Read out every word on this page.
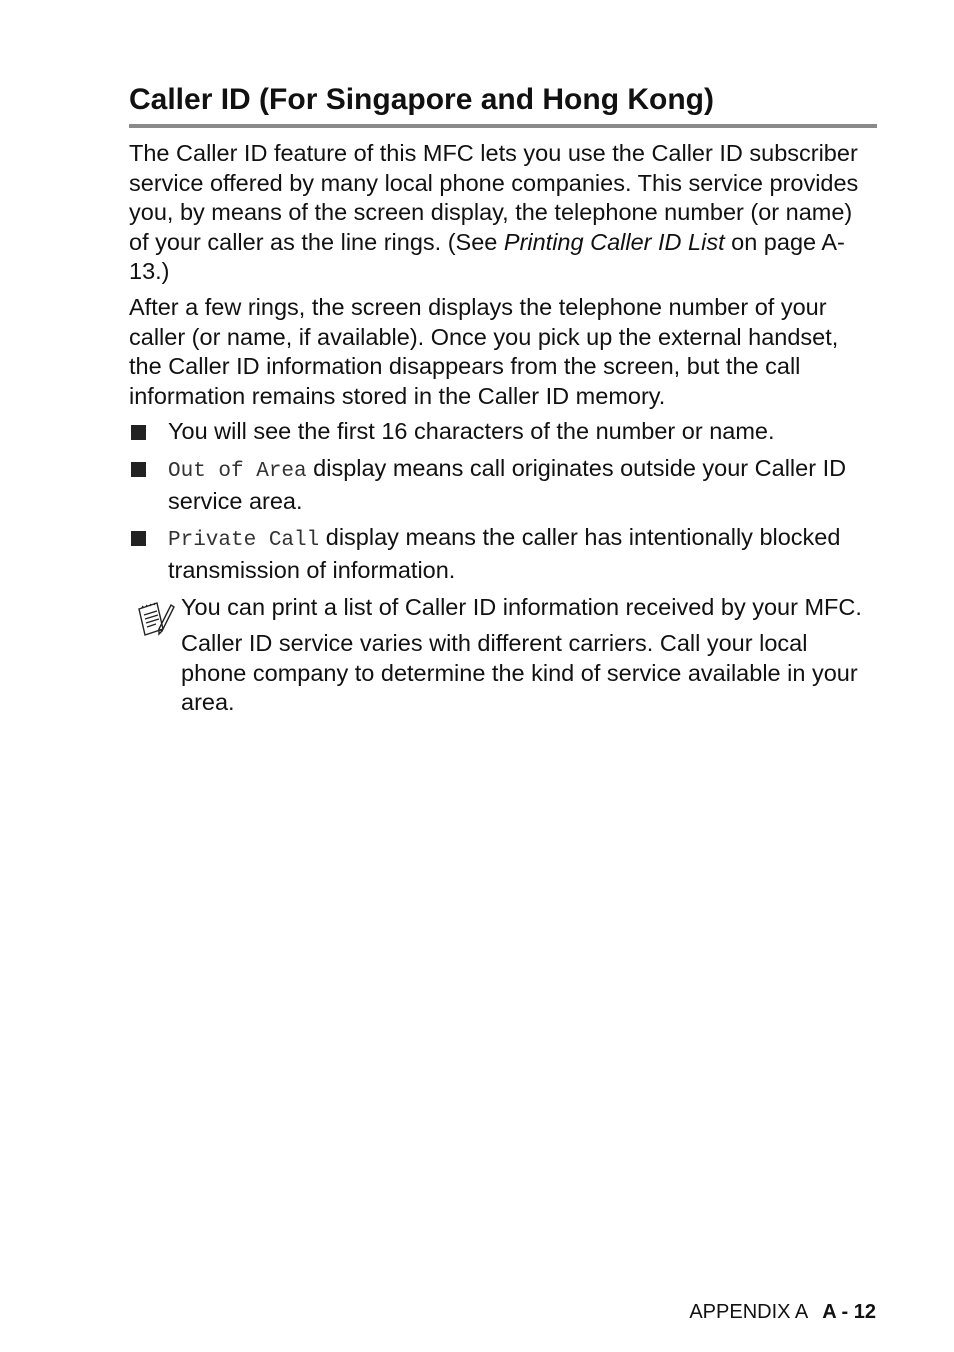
Caller ID (For Singapore and Hong Kong)

The Caller ID feature of this MFC lets you use the Caller ID subscriber service offered by many local phone companies. This service provides you, by means of the screen display, the telephone number (or name) of your caller as the line rings. (See Printing Caller ID List on page A-13.)

After a few rings, the screen displays the telephone number of your caller (or name, if available). Once you pick up the external handset, the Caller ID information disappears from the screen, but the call information remains stored in the Caller ID memory.

You will see the first 16 characters of the number or name.
Out of Area display means call originates outside your Caller ID service area.
Private Call display means the caller has intentionally blocked transmission of information.

You can print a list of Caller ID information received by your MFC.

Caller ID service varies with different carriers. Call your local phone company to determine the kind of service available in your area.

APPENDIX A A - 12
